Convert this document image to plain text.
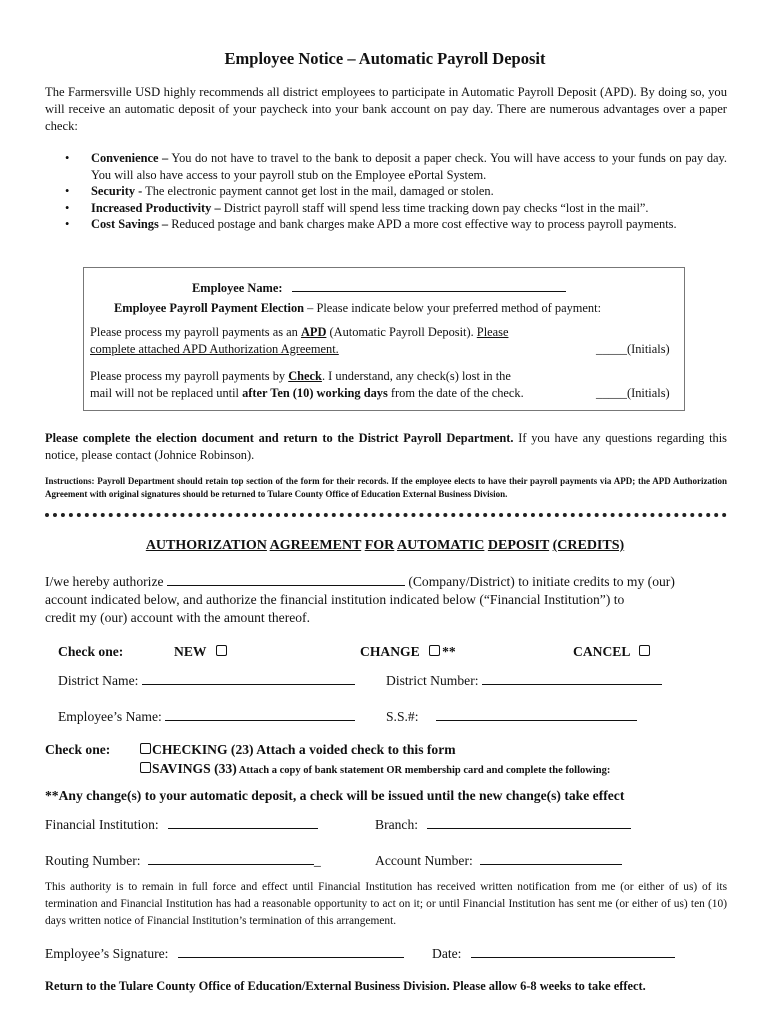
Employee Notice – Automatic Payroll Deposit
The Farmersville USD highly recommends all district employees to participate in Automatic Payroll Deposit (APD). By doing so, you will receive an automatic deposit of your paycheck into your bank account on pay day. There are numerous advantages over a paper check:
• Convenience – You do not have to travel to the bank to deposit a paper check. You will have access to your funds on pay day. You will also have access to your payroll stub on the Employee ePortal System.
• Security - The electronic payment cannot get lost in the mail, damaged or stolen.
• Increased Productivity – District payroll staff will spend less time tracking down pay checks “lost in the mail”.
• Cost Savings – Reduced postage and bank charges make APD a more cost effective way to process payroll payments.
Employee Name:
Employee Payroll Payment Election – Please indicate below your preferred method of payment:
Please process my payroll payments as an APD (Automatic Payroll Deposit). Please
complete attached APD Authorization Agreement.	_____(Initials)
Please process my payroll payments by Check. I understand, any check(s) lost in the
mail will not be replaced until after Ten (10) working days from the date of the check.	_____(Initials)
Please complete the election document and return to the District Payroll Department. If you have any questions regarding this notice, please contact (Johnice Robinson).
Instructions: Payroll Department should retain top section of the form for their records. If the employee elects to have their payroll payments via APD; the APD Authorization Agreement with original signatures should be returned to Tulare County Office of Education External Business Division.
AUTHORIZATION AGREEMENT FOR AUTOMATIC DEPOSIT (CREDITS)
I/we hereby authorize	(Company/District) to initiate credits to my (our)
account indicated below, and authorize the financial institution indicated below (“Financial Institution”) to
credit my (our) account with the amount thereof.
Check one:	NEW	CHANGE **	CANCEL
District Name:	District Number:
Employee’s Name:	S.S.#:
Check one:	CHECKING (23) Attach a voided check to this form
SAVINGS (33) Attach a copy of bank statement OR membership card and complete the following:
**Any change(s) to your automatic deposit, a check will be issued until the new change(s) take effect
Financial Institution:	Branch:
Routing Number:	_	Account Number:
This authority is to remain in full force and effect until Financial Institution has received written notification from me (or either of us) of its termination and Financial Institution has had a reasonable opportunity to act on it; or until Financial Institution has sent me (or either of us) ten (10) days written notice of Financial Institution’s termination of this arrangement.
Employee’s Signature:	Date:
Return to the Tulare County Office of Education/External Business Division. Please allow 6-8 weeks to take effect.
